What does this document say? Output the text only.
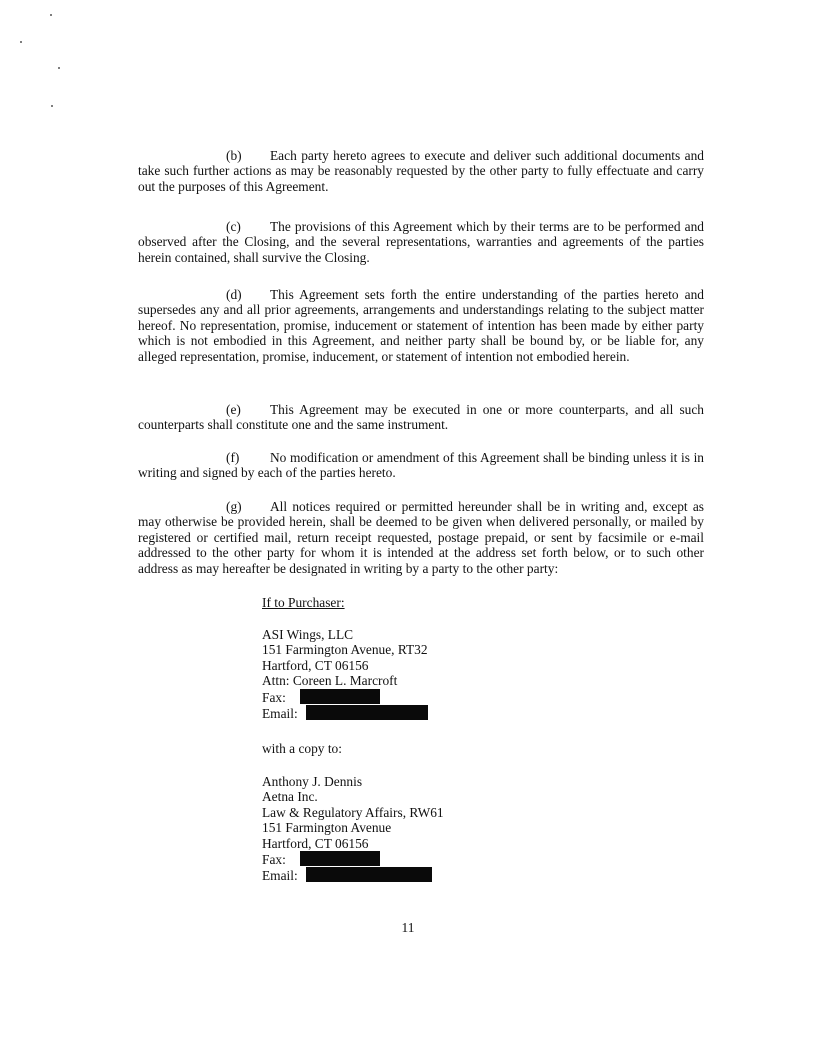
(b) Each party hereto agrees to execute and deliver such additional documents and take such further actions as may be reasonably requested by the other party to fully effectuate and carry out the purposes of this Agreement.

(c) The provisions of this Agreement which by their terms are to be performed and observed after the Closing, and the several representations, warranties and agreements of the parties herein contained, shall survive the Closing.

(d) This Agreement sets forth the entire understanding of the parties hereto and supersedes any and all prior agreements, arrangements and understandings relating to the subject matter hereof. No representation, promise, inducement or statement of intention has been made by either party which is not embodied in this Agreement, and neither party shall be bound by, or be liable for, any alleged representation, promise, inducement, or statement of intention not embodied herein.

(e) This Agreement may be executed in one or more counterparts, and all such counterparts shall constitute one and the same instrument.

(f) No modification or amendment of this Agreement shall be binding unless it is in writing and signed by each of the parties hereto.

(g) All notices required or permitted hereunder shall be in writing and, except as may otherwise be provided herein, shall be deemed to be given when delivered personally, or mailed by registered or certified mail, return receipt requested, postage prepaid, or sent by facsimile or e-mail addressed to the other party for whom it is intended at the address set forth below, or to such other address as may hereafter be designated in writing by a party to the other party:

If to Purchaser:
ASI Wings, LLC
151 Farmington Avenue, RT32
Hartford, CT 06156
Attn: Coreen L. Marcroft
Fax:
Email:
with a copy to:
Anthony J. Dennis
Aetna Inc.
Law & Regulatory Affairs, RW61
151 Farmington Avenue
Hartford, CT 06156
Fax:
Email:
11
